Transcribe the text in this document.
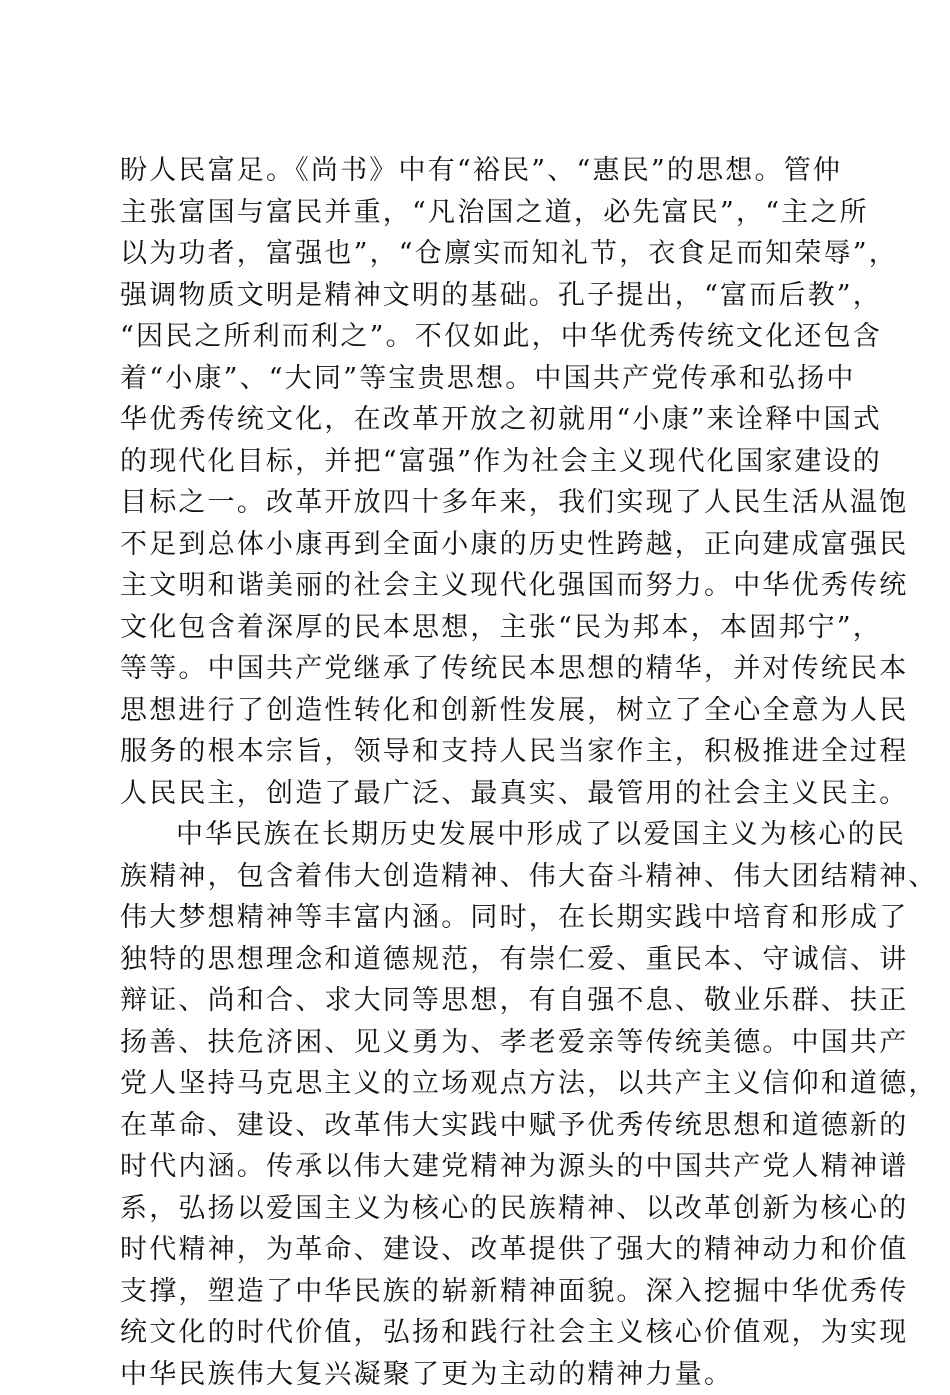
盼人民富足。《尚书》中有“裕民”、“惠民”的思想。管仲
主张富国与富民并重，“凡治国之道，必先富民”，“主之所
以为功者，富强也”，“仓廪实而知礼节，衣食足而知荣辱”，
强调物质文明是精神文明的基础。孔子提出，“富而后教”，
“因民之所利而利之”。不仅如此，中华优秀传统文化还包含
着“小康”、“大同”等宝贵思想。中国共产党传承和弘扬中
华优秀传统文化，在改革开放之初就用“小康”来诠释中国式
的现代化目标，并把“富强”作为社会主义现代化国家建设的
目标之一。改革开放四十多年来，我们实现了人民生活从温饱
不足到总体小康再到全面小康的历史性跨越，正向建成富强民
主文明和谐美丽的社会主义现代化强国而努力。中华优秀传统
文化包含着深厚的民本思想，主张“民为邦本，本固邦宁”，
等等。中国共产党继承了传统民本思想的精华，并对传统民本
思想进行了创造性转化和创新性发展，树立了全心全意为人民
服务的根本宗旨，领导和支持人民当家作主，积极推进全过程
人民民主，创造了最广泛、最真实、最管用的社会主义民主。
中华民族在长期历史发展中形成了以爱国主义为核心的民
族精神，包含着伟大创造精神、伟大奋斗精神、伟大团结精神、
伟大梦想精神等丰富内涵。同时，在长期实践中培育和形成了
独特的思想理念和道德规范，有崇仁爱、重民本、守诚信、讲
辩证、尚和合、求大同等思想，有自强不息、敬业乐群、扶正
扬善、扶危济困、见义勇为、孝老爱亲等传统美德。中国共产
党人坚持马克思主义的立场观点方法，以共产主义信仰和道德，
在革命、建设、改革伟大实践中赋予优秀传统思想和道德新的
时代内涵。传承以伟大建党精神为源头的中国共产党人精神谱
系，弘扬以爱国主义为核心的民族精神、以改革创新为核心的
时代精神，为革命、建设、改革提供了强大的精神动力和价值
支撑，塑造了中华民族的崭新精神面貌。深入挖掘中华优秀传
统文化的时代价值，弘扬和践行社会主义核心价值观，为实现
中华民族伟大复兴凝聚了更为主动的精神力量。
